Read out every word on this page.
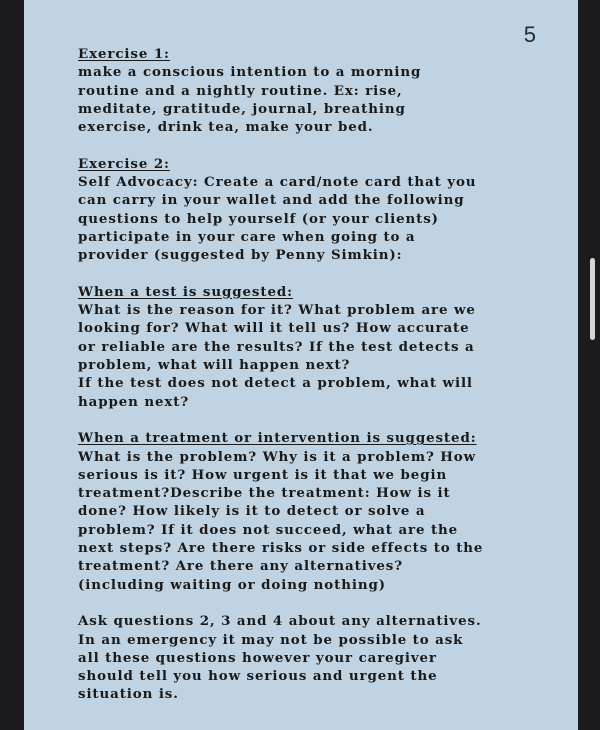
5
Exercise 1:
make a conscious intention to a morning
routine and a nightly routine. Ex: rise,
meditate, gratitude, journal, breathing
exercise, drink tea, make your bed.
Exercise 2:
Self Advocacy: Create a card/note card that you
can carry in your wallet and add the following
questions to help yourself (or your clients)
participate in your care when going to a
provider (suggested by Penny Simkin):
When a test is suggested:
What is the reason for it? What problem are we
looking for? What will it tell us? How accurate
or reliable are the results? If the test detects a
problem, what will happen next?
If the test does not detect a problem, what will
happen next?
When a treatment or intervention is suggested:
What is the problem? Why is it a problem? How
serious is it? How urgent is it that we begin
treatment?Describe the treatment: How is it
done? How likely is it to detect or solve a
problem? If it does not succeed, what are the
next steps? Are there risks or side effects to the
treatment? Are there any alternatives?
(including waiting or doing nothing)
Ask questions 2, 3 and 4 about any alternatives.
In an emergency it may not be possible to ask
all these questions however your caregiver
should tell you how serious and urgent the
situation is.
